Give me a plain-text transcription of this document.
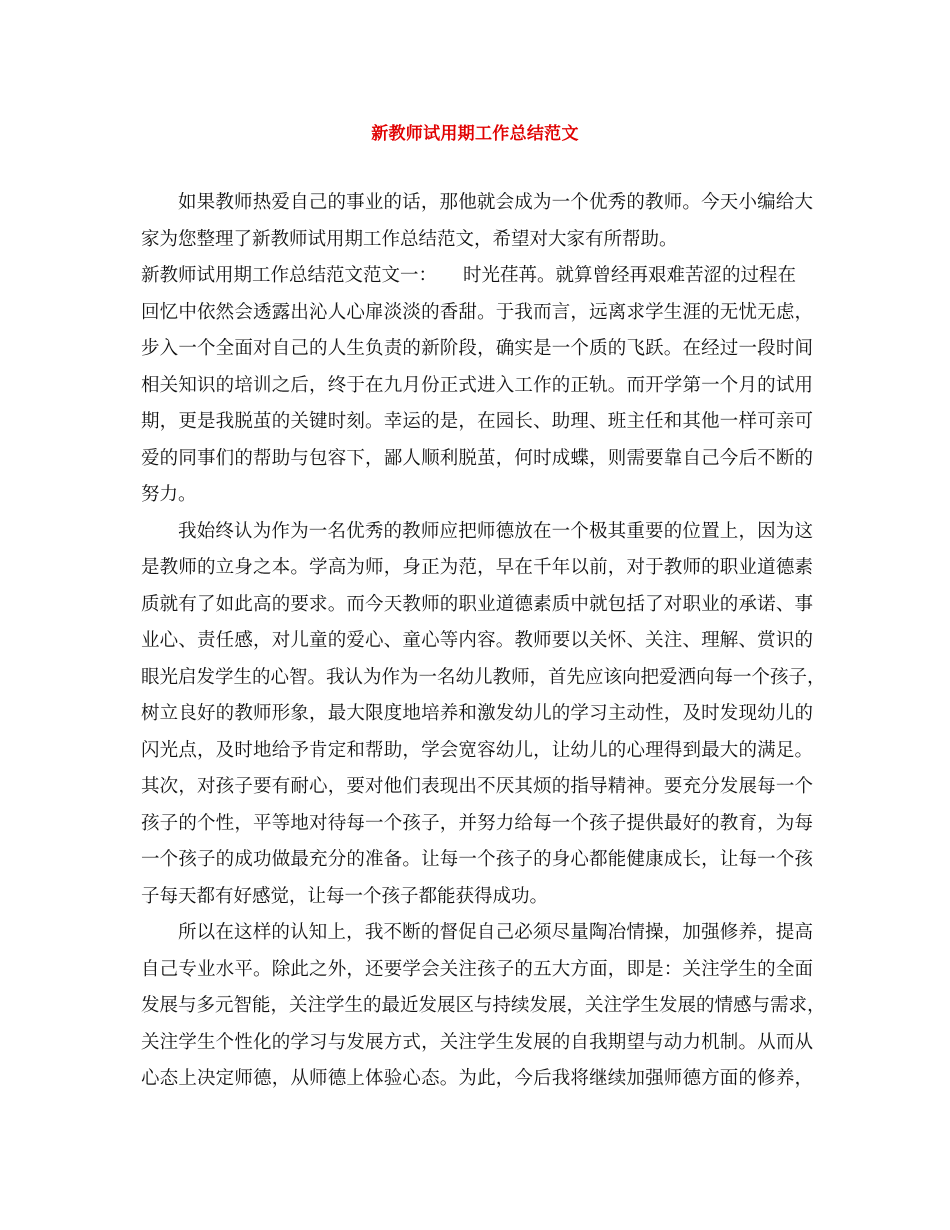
新教师试用期工作总结范文
如果教师热爱自己的事业的话，那他就会成为一个优秀的教师。今天小编给大
家为您整理了新教师试用期工作总结范文，希望对大家有所帮助。
新教师试用期工作总结范文范文一： 时光荏苒。就算曾经再艰难苦涩的过程在
回忆中依然会透露出沁人心扉淡淡的香甜。于我而言，远离求学生涯的无忧无虑，
步入一个全面对自己的人生负责的新阶段，确实是一个质的飞跃。在经过一段时间
相关知识的培训之后，终于在九月份正式进入工作的正轨。而开学第一个月的试用
期，更是我脱茧的关键时刻。幸运的是，在园长、助理、班主任和其他一样可亲可
爱的同事们的帮助与包容下，鄙人顺利脱茧，何时成蝶，则需要靠自己今后不断的
努力。
我始终认为作为一名优秀的教师应把师德放在一个极其重要的位置上，因为这
是教师的立身之本。学高为师，身正为范，早在千年以前，对于教师的职业道德素
质就有了如此高的要求。而今天教师的职业道德素质中就包括了对职业的承诺、事
业心、责任感，对儿童的爱心、童心等内容。教师要以关怀、关注、理解、赏识的
眼光启发学生的心智。我认为作为一名幼儿教师，首先应该向把爱洒向每一个孩子，
树立良好的教师形象，最大限度地培养和激发幼儿的学习主动性，及时发现幼儿的
闪光点，及时地给予肯定和帮助，学会宽容幼儿，让幼儿的心理得到最大的满足。
其次，对孩子要有耐心，要对他们表现出不厌其烦的指导精神。要充分发展每一个
孩子的个性，平等地对待每一个孩子，并努力给每一个孩子提供最好的教育，为每
一个孩子的成功做最充分的准备。让每一个孩子的身心都能健康成长，让每一个孩
子每天都有好感觉，让每一个孩子都能获得成功。
所以在这样的认知上，我不断的督促自己必须尽量陶冶情操，加强修养，提高
自己专业水平。除此之外，还要学会关注孩子的五大方面，即是：关注学生的全面
发展与多元智能，关注学生的最近发展区与持续发展，关注学生发展的情感与需求，
关注学生个性化的学习与发展方式，关注学生发展的自我期望与动力机制。从而从
心态上决定师德，从师德上体验心态。为此，今后我将继续加强师德方面的修养，
